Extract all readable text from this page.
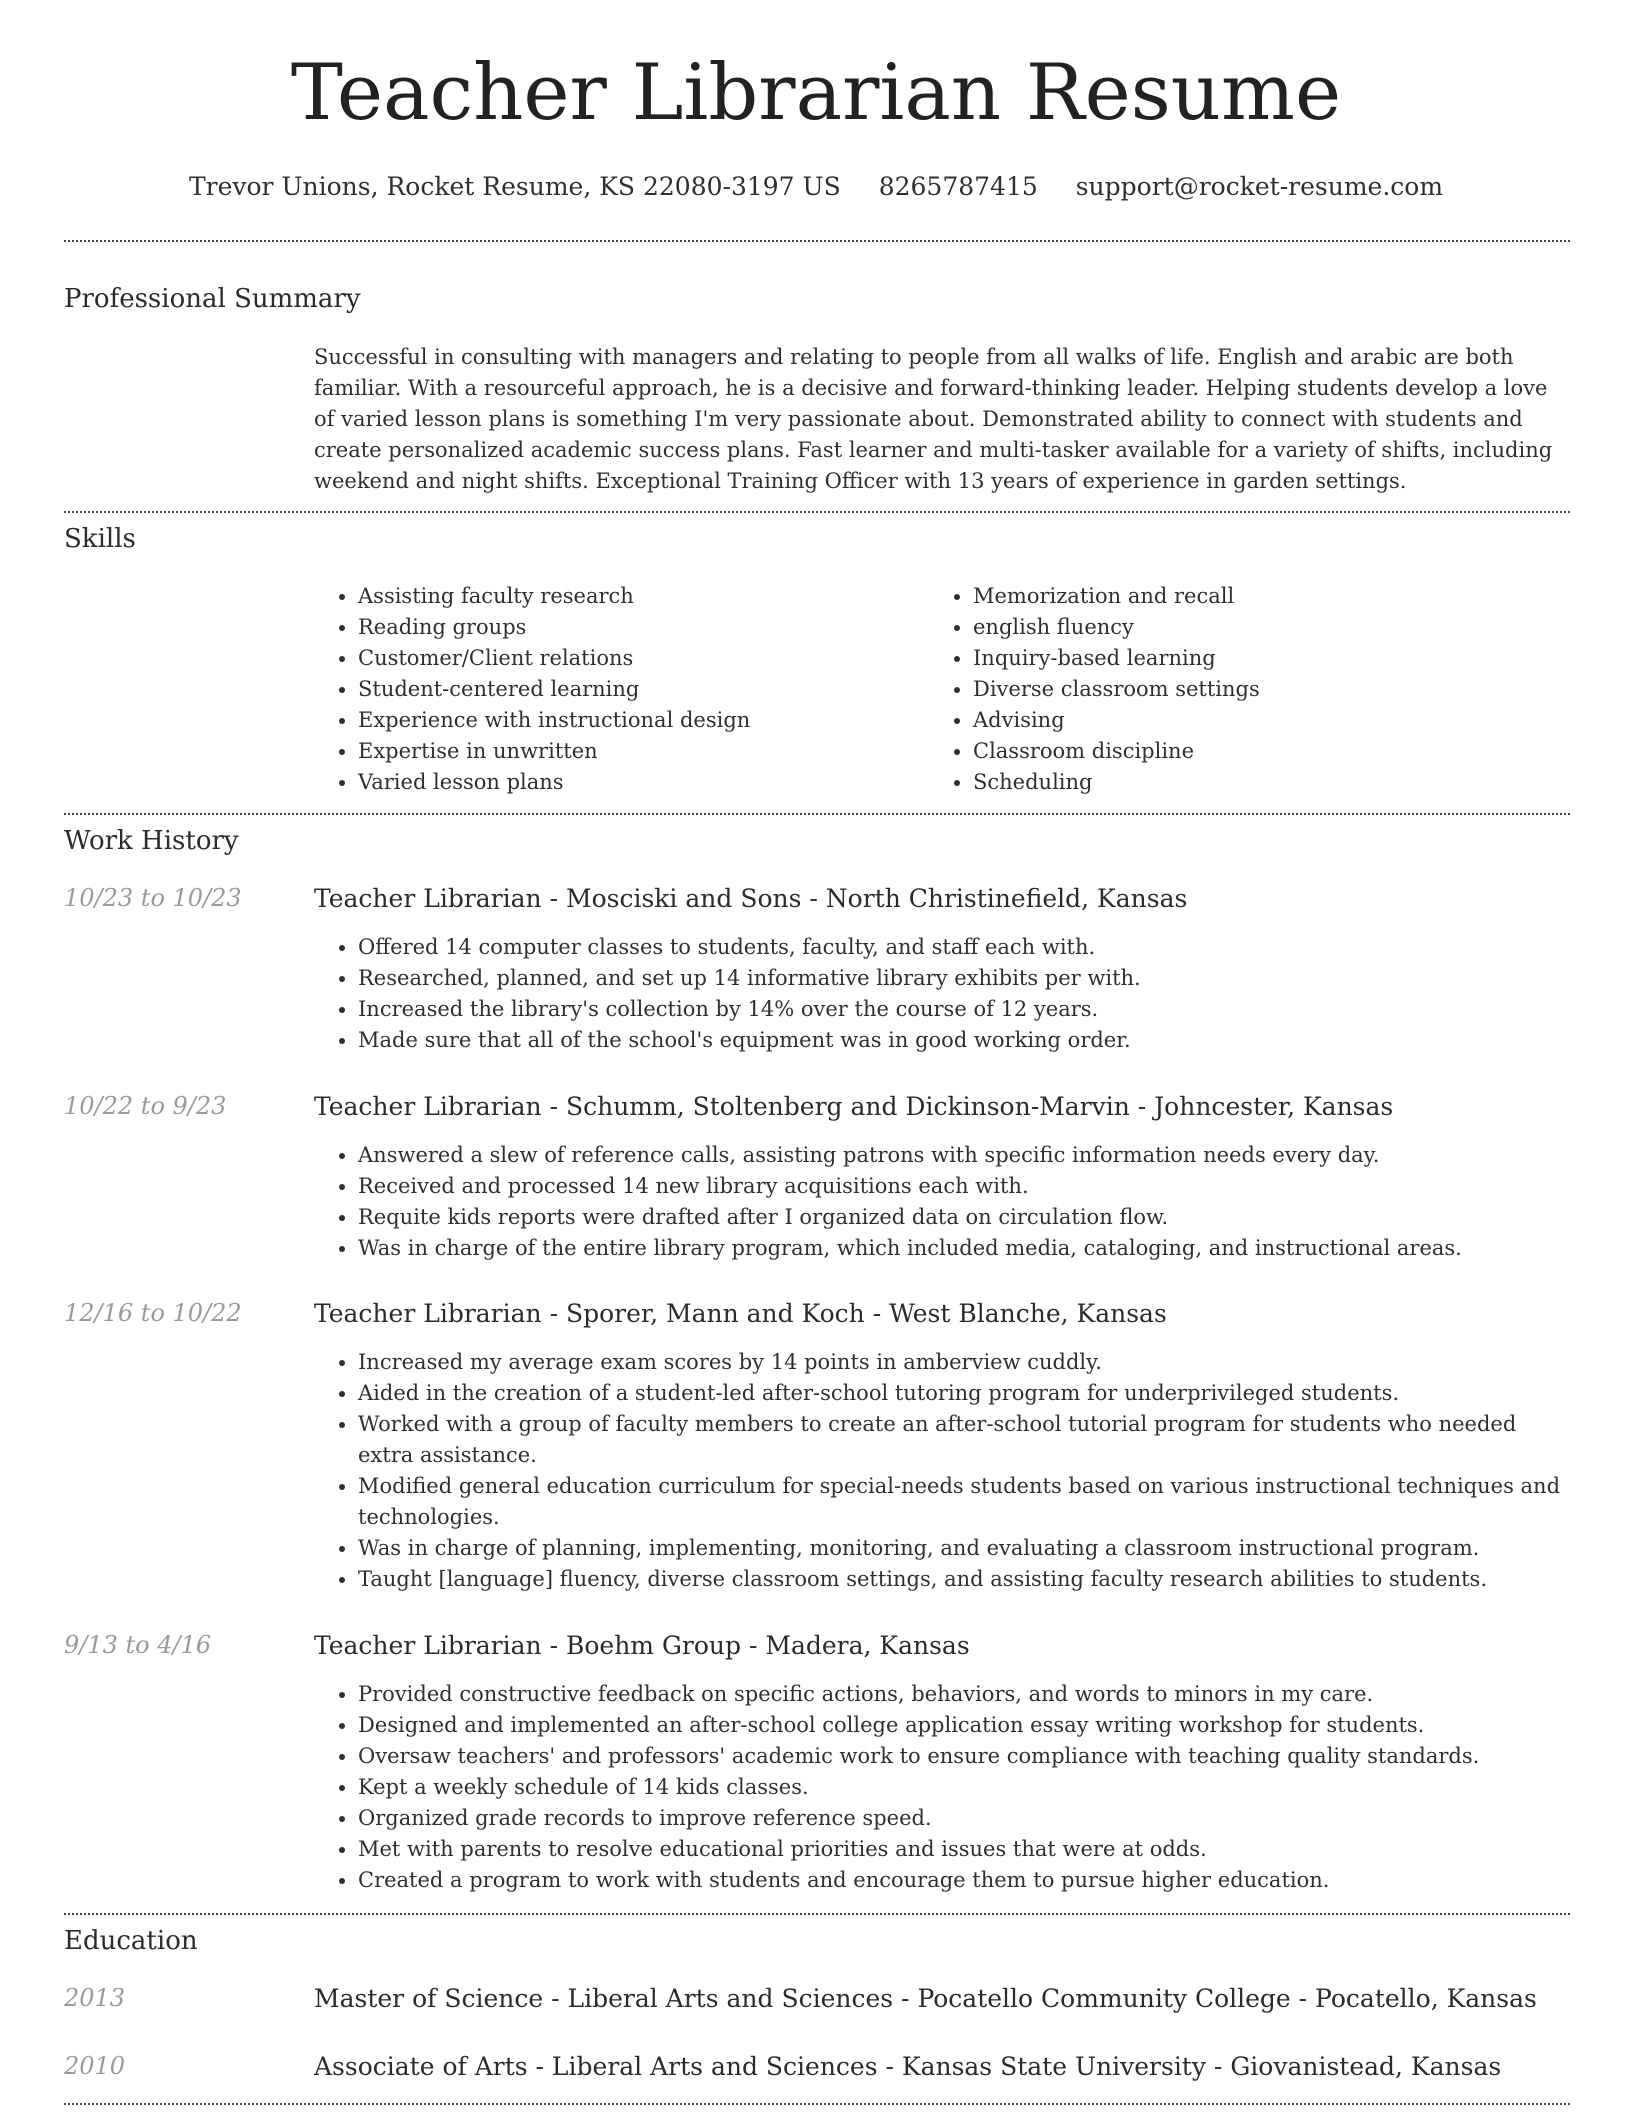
Teacher Librarian Resume
Trevor Unions, Rocket Resume, KS 22080-3197 US 8265787415 support@rocket-resume.com
Professional Summary
Successful in consulting with managers and relating to people from all walks of life. English and arabic are both familiar. With a resourceful approach, he is a decisive and forward-thinking leader. Helping students develop a love of varied lesson plans is something I'm very passionate about. Demonstrated ability to connect with students and create personalized academic success plans. Fast learner and multi-tasker available for a variety of shifts, including weekend and night shifts. Exceptional Training Officer with 13 years of experience in garden settings.
Skills
• Assisting faculty research
• Reading groups
• Customer/Client relations
• Student-centered learning
• Experience with instructional design
• Expertise in unwritten
• Varied lesson plans
• Memorization and recall
• english fluency
• Inquiry-based learning
• Diverse classroom settings
• Advising
• Classroom discipline
• Scheduling
Work History
10/23 to 10/23	Teacher Librarian - Mosciski and Sons - North Christinefield, Kansas
• Offered 14 computer classes to students, faculty, and staff each with.
• Researched, planned, and set up 14 informative library exhibits per with.
• Increased the library's collection by 14% over the course of 12 years.
• Made sure that all of the school's equipment was in good working order.
10/22 to 9/23	Teacher Librarian - Schumm, Stoltenberg and Dickinson-Marvin - Johncester, Kansas
• Answered a slew of reference calls, assisting patrons with specific information needs every day.
• Received and processed 14 new library acquisitions each with.
• Requite kids reports were drafted after I organized data on circulation flow.
• Was in charge of the entire library program, which included media, cataloging, and instructional areas.
12/16 to 10/22	Teacher Librarian - Sporer, Mann and Koch - West Blanche, Kansas
• Increased my average exam scores by 14 points in amberview cuddly.
• Aided in the creation of a student-led after-school tutoring program for underprivileged students.
• Worked with a group of faculty members to create an after-school tutorial program for students who needed extra assistance.
• Modified general education curriculum for special-needs students based on various instructional techniques and technologies.
• Was in charge of planning, implementing, monitoring, and evaluating a classroom instructional program.
• Taught [language] fluency, diverse classroom settings, and assisting faculty research abilities to students.
9/13 to 4/16	Teacher Librarian - Boehm Group - Madera, Kansas
• Provided constructive feedback on specific actions, behaviors, and words to minors in my care.
• Designed and implemented an after-school college application essay writing workshop for students.
• Oversaw teachers' and professors' academic work to ensure compliance with teaching quality standards.
• Kept a weekly schedule of 14 kids classes.
• Organized grade records to improve reference speed.
• Met with parents to resolve educational priorities and issues that were at odds.
• Created a program to work with students and encourage them to pursue higher education.
Education
2013	Master of Science - Liberal Arts and Sciences - Pocatello Community College - Pocatello, Kansas
2010	Associate of Arts - Liberal Arts and Sciences - Kansas State University - Giovanistead, Kansas
